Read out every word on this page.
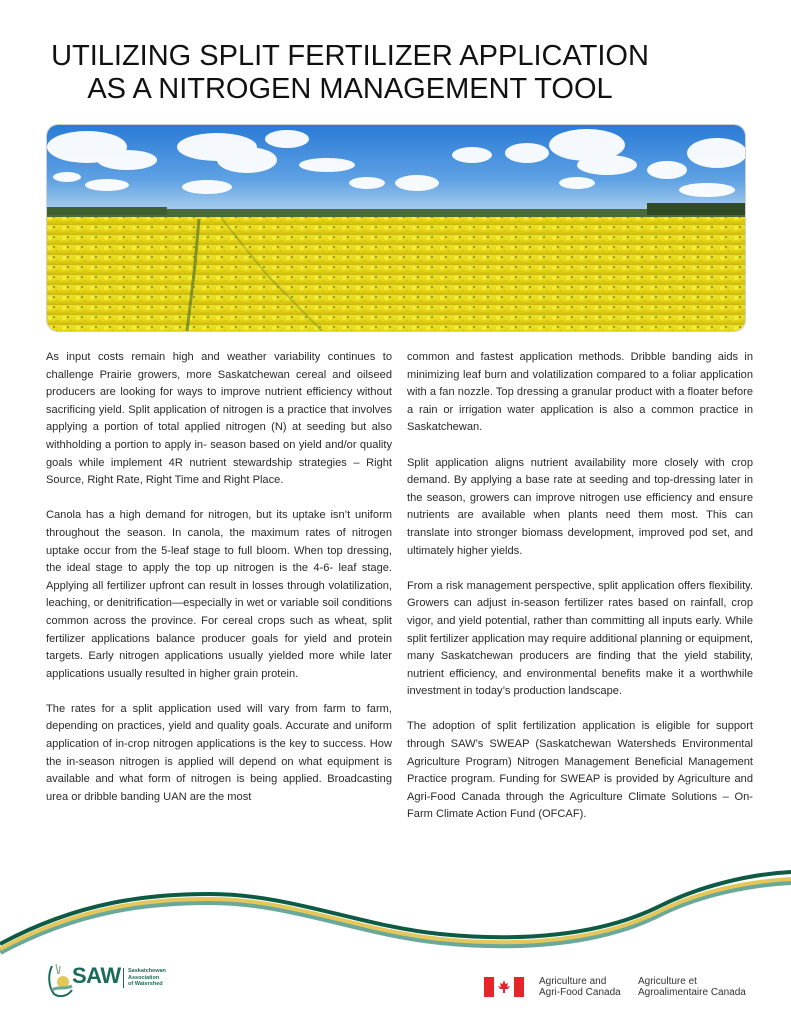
UTILIZING SPLIT FERTILIZER APPLICATION
AS A NITROGEN MANAGEMENT TOOL

As input costs remain high and weather variability continues to challenge Prairie growers, more Saskatchewan cereal and oilseed producers are looking for ways to improve nutrient efficiency without sacrificing yield. Split application of nitrogen is a practice that involves applying a portion of total applied nitrogen (N) at seeding but also withholding a portion to apply in- season based on yield and/or quality goals while implement 4R nutrient stewardship strategies – Right Source, Right Rate, Right Time and Right Place.

Canola has a high demand for nitrogen, but its uptake isn’t uniform throughout the season. In canola, the maximum rates of nitrogen uptake occur from the 5-leaf stage to full bloom. When top dressing, the ideal stage to apply the top up nitrogen is the 4-6- leaf stage. Applying all fertilizer upfront can result in losses through volatilization, leaching, or denitrification—especially in wet or variable soil conditions common across the province. For cereal crops such as wheat, split fertilizer applications balance producer goals for yield and protein targets. Early nitrogen applications usually yielded more while later applications usually resulted in higher grain protein.

The rates for a split application used will vary from farm to farm, depending on practices, yield and quality goals. Accurate and uniform application of in-crop nitrogen applications is the key to success. How the in-season nitrogen is applied will depend on what equipment is available and what form of nitrogen is being applied. Broadcasting urea or dribble banding UAN are the most

common and fastest application methods. Dribble banding aids in minimizing leaf burn and volatilization compared to a foliar application with a fan nozzle. Top dressing a granular product with a floater before a rain or irrigation water application is also a common practice in Saskatchewan.

Split application aligns nutrient availability more closely with crop demand. By applying a base rate at seeding and top-dressing later in the season, growers can improve nitrogen use efficiency and ensure nutrients are available when plants need them most. This can translate into stronger biomass development, improved pod set, and ultimately higher yields.

From a risk management perspective, split application offers flexibility. Growers can adjust in-season fertilizer rates based on rainfall, crop vigor, and yield potential, rather than committing all inputs early. While split fertilizer application may require additional planning or equipment, many Saskatchewan producers are finding that the yield stability, nutrient efficiency, and environmental benefits make it a worthwhile investment in today’s production landscape.

The adoption of split fertilization application is eligible for support through SAW’s SWEAP (Saskatchewan Watersheds Environmental Agriculture Program) Nitrogen Management Beneficial Management Practice program. Funding for SWEAP is provided by Agriculture and Agri-Food Canada through the Agriculture Climate Solutions – On-Farm Climate Action Fund (OFCAF).

SAW Saskatchewan
Association
of Watershed	Agriculture and
Agri-Food Canada
Agriculture et
Agroalimentaire Canada
